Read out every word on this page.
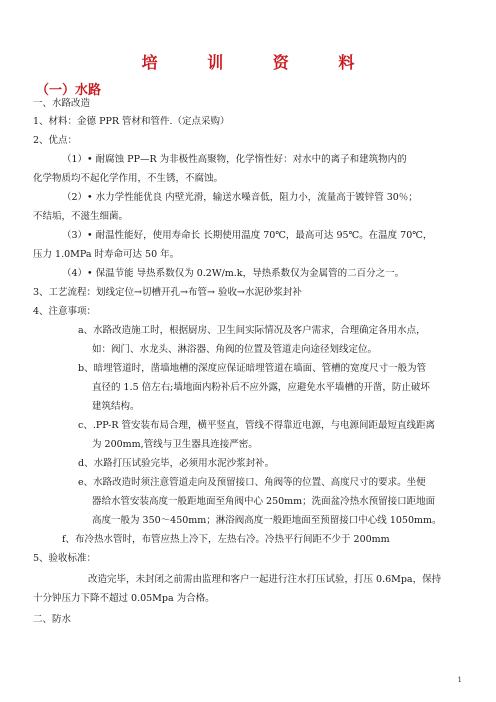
培 训 资 料
（一）水路
一、水路改造
1、材料：金德 PPR 管材和管件.（定点采购）
2、优点：
（1）• 耐腐蚀 PP—R 为非极性高聚物，化学惰性好：对水中的离子和建筑物内的
化学物质均不起化学作用，不生锈，不腐蚀。
（2）• 水力学性能优良 内壁光滑，输送水噪音低，阻力小，流量高于镀锌管 30％；
不结垢，不滋生细菌。
（3）• 耐温性能好，使用寿命长 长期使用温度 70℃，最高可达 95℃。在温度 70℃，
压力 1.0MPa 时寿命可达 50 年。
（4）• 保温节能 导热系数仅为 0.2W/m.k，导热系数仅为金属管的二百分之一。
3、工艺流程：划线定位→切槽开孔→布管→ 验收→水泥砂浆封补
4、注意事项：
a、水路改造施工时，根据厨房、卫生间实际情况及客户需求，合理确定各用水点，
如：阀门、水龙头、淋浴器、角阀的位置及管道走向途径划线定位。
b、暗埋管道时，凿墙地槽的深度应保证暗埋管道在墙面、管槽的宽度尺寸一般为管
直径的 1.5 倍左右;墙地面内粉补后不应外露，应避免水平墙槽的开凿，防止破坏
建筑结构。
c、.PP-R 管安装布局合理，横平竖直，管线不得靠近电源，与电源间距最短直线距离
为 200mm,管线与卫生器具连接严密。
d、水路打压试验完毕，必须用水泥沙浆封补。
e、水路改造时须注意管道走向及预留接口、角阀等的位置、高度尺寸的要求。坐便
器给水管安装高度一般距地面至角阀中心 250mm；洗面盆冷热水预留接口距地面
高度一般为 350～450mm；淋浴阀高度一般距地面至预留接口中心线 1050mm。
f、布冷热水管时，布管应热上冷下，左热右冷。冷热平行间距不少于 200mm
5、验收标准：
改造完毕，未封闭之前需由监理和客户一起进行注水打压试验，打压 0.6Mpa，保持
十分钟压力下降不超过 0.05Mpa 为合格。
二、防水
1
